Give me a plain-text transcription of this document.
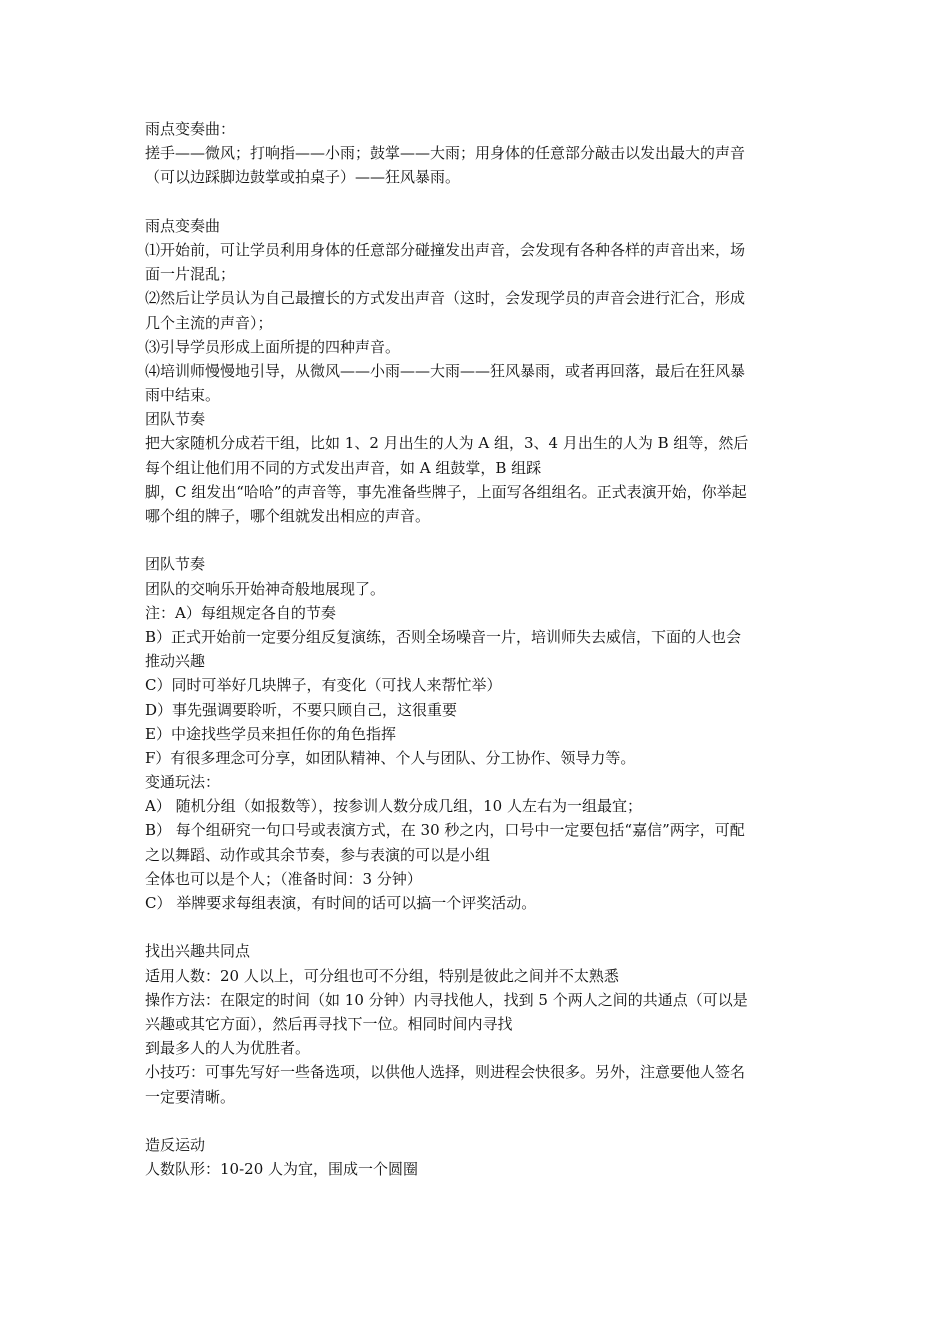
雨点变奏曲：
搓手——微风；打响指——小雨；鼓掌——大雨；用身体的任意部分敲击以发出最大的声音
（可以边踩脚边鼓掌或拍桌子）——狂风暴雨。
雨点变奏曲
⑴开始前，可让学员利用身体的任意部分碰撞发出声音，会发现有各种各样的声音出来，场
面一片混乱；
⑵然后让学员认为自己最擅长的方式发出声音（这时，会发现学员的声音会进行汇合，形成
几个主流的声音）；
⑶引导学员形成上面所提的四种声音。
⑷培训师慢慢地引导，从微风——小雨——大雨——狂风暴雨，或者再回落，最后在狂风暴
雨中结束。
团队节奏
把大家随机分成若干组，比如 1、2 月出生的人为 A 组，3、4 月出生的人为 B 组等，然后
每个组让他们用不同的方式发出声音，如 A 组鼓掌，B 组踩
脚，C 组发出“哈哈”的声音等，事先准备些牌子，上面写各组组名。正式表演开始，你举起
哪个组的牌子，哪个组就发出相应的声音。
团队节奏
团队的交响乐开始神奇般地展现了。
注：A）每组规定各自的节奏
B）正式开始前一定要分组反复演练，否则全场噪音一片，培训师失去威信，下面的人也会
推动兴趣
C）同时可举好几块牌子，有变化（可找人来帮忙举）
D）事先强调要聆听，不要只顾自己，这很重要
E）中途找些学员来担任你的角色指挥
F）有很多理念可分享，如团队精神、个人与团队、分工协作、领导力等。
变通玩法：
A） 随机分组（如报数等），按参训人数分成几组，10 人左右为一组最宜；
B） 每个组研究一句口号或表演方式，在 30 秒之内，口号中一定要包括“嘉信”两字，可配
之以舞蹈、动作或其余节奏，参与表演的可以是小组
全体也可以是个人；（准备时间：3 分钟）
C） 举牌要求每组表演，有时间的话可以搞一个评奖活动。
找出兴趣共同点
适用人数：20 人以上，可分组也可不分组，特别是彼此之间并不太熟悉
操作方法：在限定的时间（如 10 分钟）内寻找他人，找到 5 个两人之间的共通点（可以是
兴趣或其它方面），然后再寻找下一位。相同时间内寻找
到最多人的人为优胜者。
小技巧：可事先写好一些备选项，以供他人选择，则进程会快很多。另外，注意要他人签名
一定要清晰。
造反运动
人数队形：10-20 人为宜，围成一个圆圈
